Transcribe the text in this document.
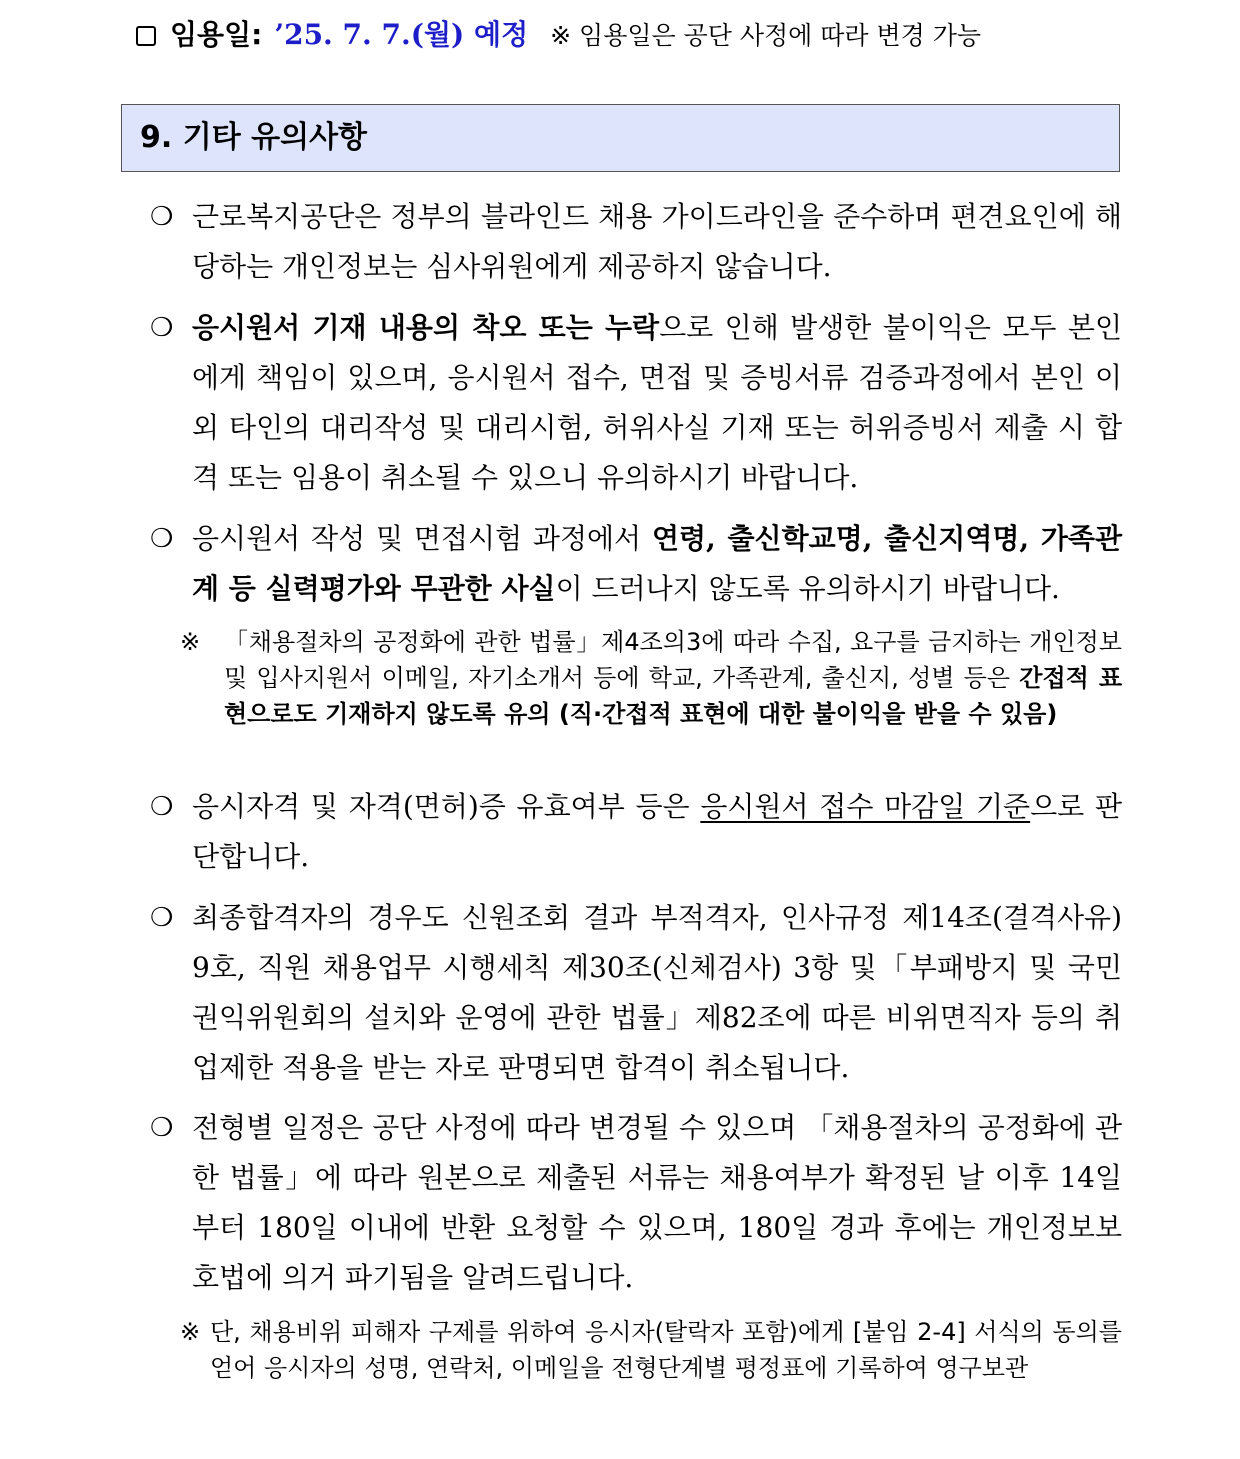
임용일: ’25. 7. 7.(월) 예정 ※ 임용일은 공단 사정에 따라 변경 가능
9. 기타 유의사항
❍ 근로복지공단은 정부의 블라인드 채용 가이드라인을 준수하며 편견요인에 해당하는 개인정보는 심사위원에게 제공하지 않습니다.
❍ 응시원서 기재 내용의 착오 또는 누락으로 인해 발생한 불이익은 모두 본인에게 책임이 있으며, 응시원서 접수, 면접 및 증빙서류 검증과정에서 본인 이외 타인의 대리작성 및 대리시험, 허위사실 기재 또는 허위증빙서 제출 시 합격 또는 임용이 취소될 수 있으니 유의하시기 바랍니다.
❍ 응시원서 작성 및 면접시험 과정에서 연령, 출신학교명, 출신지역명, 가족관계 등 실력평가와 무관한 사실이 드러나지 않도록 유의하시기 바랍니다.
※ 「채용절차의 공정화에 관한 법률」제4조의3에 따라 수집, 요구를 금지하는 개인정보 및 입사지원서 이메일, 자기소개서 등에 학교, 가족관계, 출신지, 성별 등은 간접적 표현으로도 기재하지 않도록 유의 (직·간접적 표현에 대한 불이익을 받을 수 있음)
❍ 응시자격 및 자격(면허)증 유효여부 등은 응시원서 접수 마감일 기준으로 판단합니다.
❍ 최종합격자의 경우도 신원조회 결과 부적격자, 인사규정 제14조(결격사유) 9호, 직원 채용업무 시행세칙 제30조(신체검사) 3항 및「부패방지 및 국민권익위원회의 설치와 운영에 관한 법률」제82조에 따른 비위면직자 등의 취업제한 적용을 받는 자로 판명되면 합격이 취소됩니다.
❍ 전형별 일정은 공단 사정에 따라 변경될 수 있으며 「채용절차의 공정화에 관한 법률」에 따라 원본으로 제출된 서류는 채용여부가 확정된 날 이후 14일부터 180일 이내에 반환 요청할 수 있으며, 180일 경과 후에는 개인정보보호법에 의거 파기됨을 알려드립니다.
※ 단, 채용비위 피해자 구제를 위하여 응시자(탈락자 포함)에게 [붙임 2-4] 서식의 동의를 얻어 응시자의 성명, 연락처, 이메일을 전형단계별 평정표에 기록하여 영구보관
